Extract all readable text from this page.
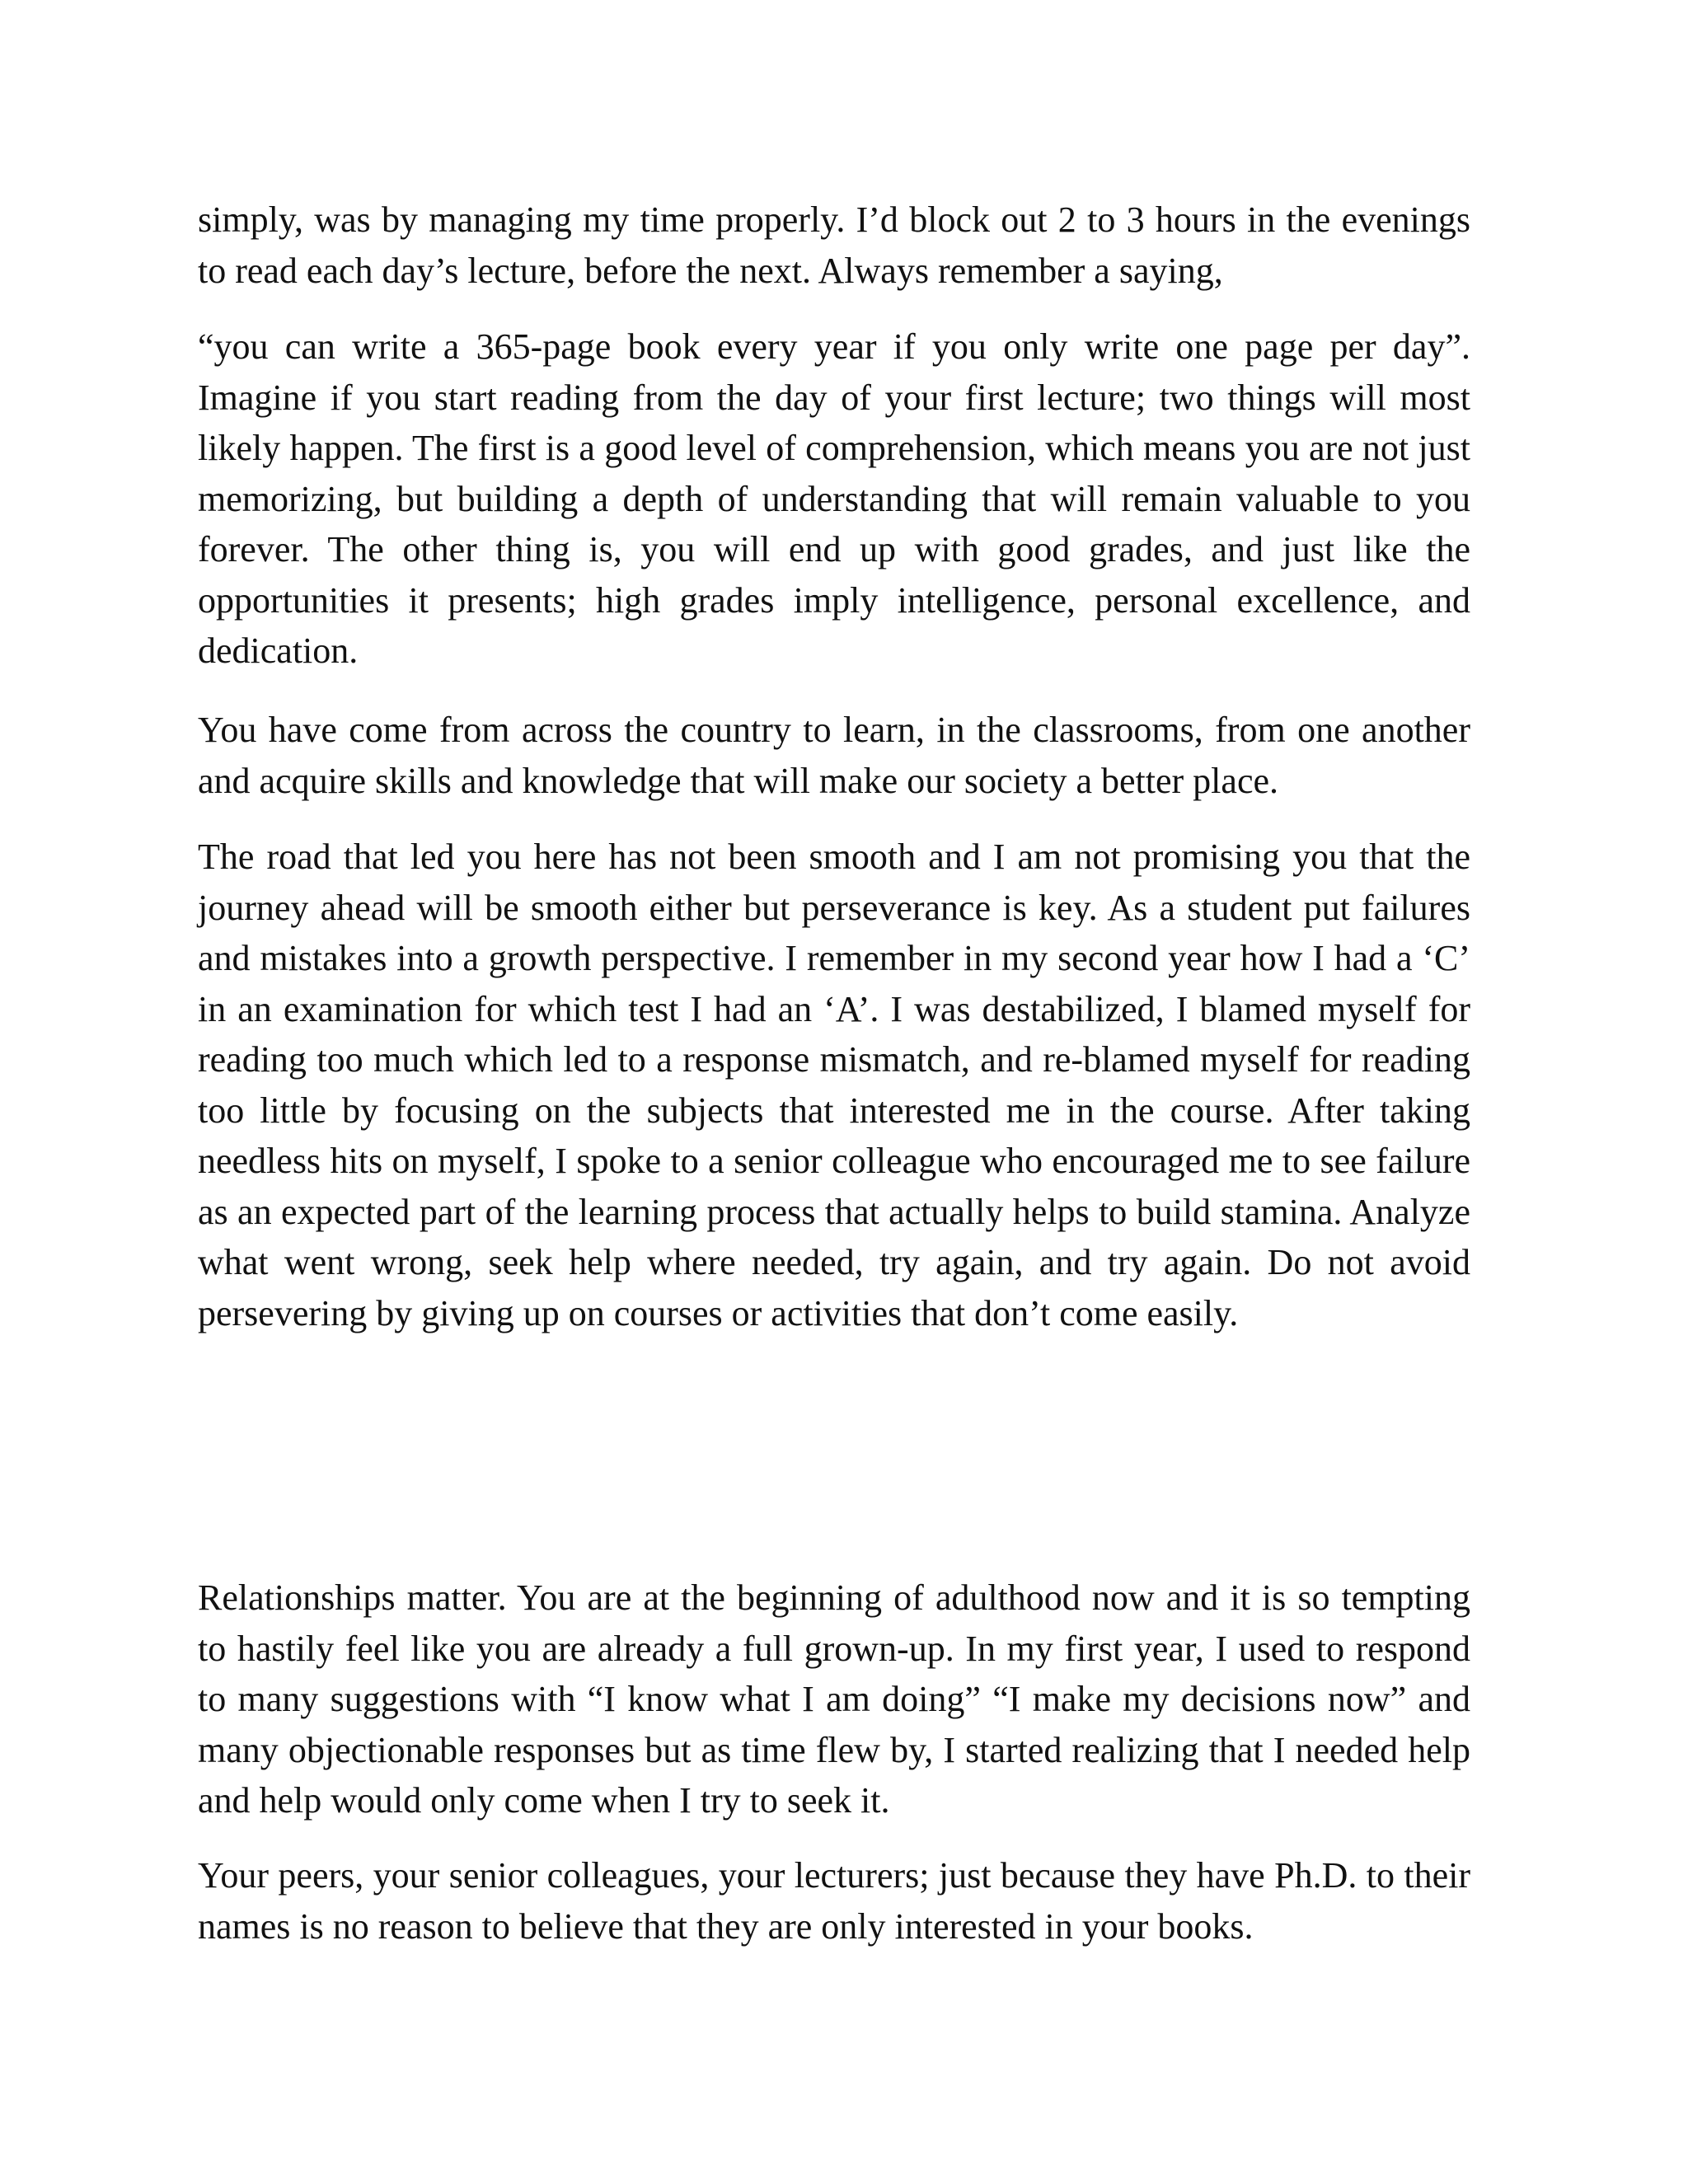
simply, was by managing my time properly. I’d block out 2 to 3 hours in the evenings to read each day’s lecture, before the next. Always remember a saying,

“you can write a 365-page book every year if you only write one page per day”. Imagine if you start reading from the day of your first lecture; two things will most likely happen. The first is a good level of comprehension, which means you are not just memorizing, but building a depth of understanding that will remain valuable to you forever. The other thing is, you will end up with good grades, and just like the opportunities it presents; high grades imply intelligence, personal excellence, and dedication.

You have come from across the country to learn, in the classrooms, from one another and acquire skills and knowledge that will make our society a better place.

The road that led you here has not been smooth and I am not promising you that the journey ahead will be smooth either but perseverance is key. As a student put failures and mistakes into a growth perspective. I remember in my second year how I had a ‘C’ in an examination for which test I had an ‘A’. I was destabilized, I blamed myself for reading too much which led to a response mismatch, and re-blamed myself for reading too little by focusing on the subjects that interested me in the course. After taking needless hits on myself, I spoke to a senior colleague who encouraged me to see failure as an expected part of the learning process that actually helps to build stamina. Analyze what went wrong, seek help where needed, try again, and try again. Do not avoid persevering by giving up on courses or activities that don’t come easily.

Relationships matter. You are at the beginning of adulthood now and it is so tempting to hastily feel like you are already a full grown-up. In my first year, I used to respond to many suggestions with “I know what I am doing” “I make my decisions now” and many objectionable responses but as time flew by, I started realizing that I needed help and help would only come when I try to seek it.

Your peers, your senior colleagues, your lecturers; just because they have Ph.D. to their names is no reason to believe that they are only interested in your books.
